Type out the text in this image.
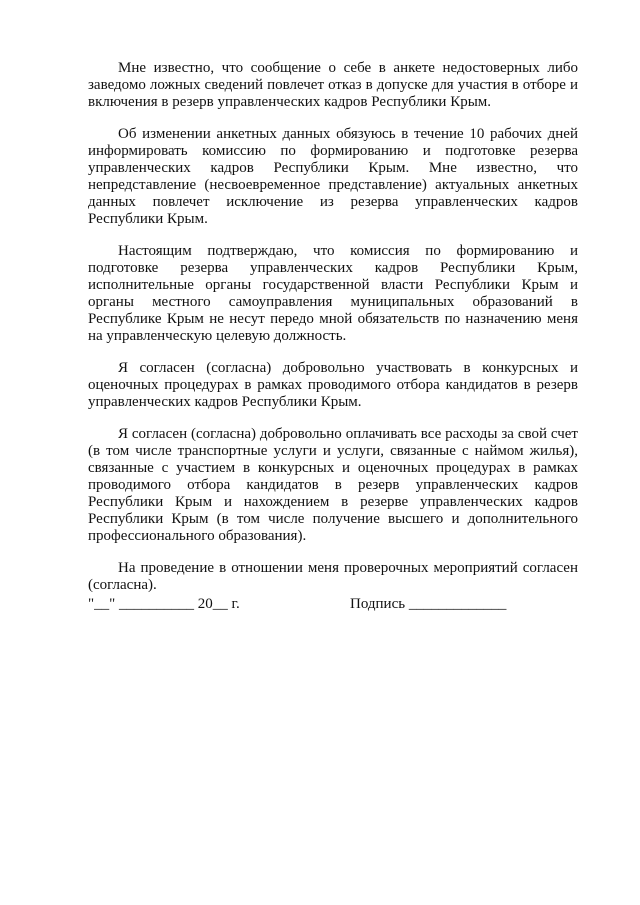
Мне известно, что сообщение о себе в анкете недостоверных либо заведомо ложных сведений повлечет отказ в допуске для участия в отборе и включения в резерв управленческих кадров Республики Крым.

Об изменении анкетных данных обязуюсь в течение 10 рабочих дней информировать комиссию по формированию и подготовке резерва управленческих кадров Республики Крым. Мне известно, что непредставление (несвоевременное представление) актуальных анкетных данных повлечет исключение из резерва управленческих кадров Республики Крым.

Настоящим подтверждаю, что комиссия по формированию и подготовке резерва управленческих кадров Республики Крым, исполнительные органы государственной власти Республики Крым и органы местного самоуправления муниципальных образований в Республике Крым не несут передо мной обязательств по назначению меня на управленческую целевую должность.

Я согласен (согласна) добровольно участвовать в конкурсных и оценочных процедурах в рамках проводимого отбора кандидатов в резерв управленческих кадров Республики Крым.

Я согласен (согласна) добровольно оплачивать все расходы за свой счет (в том числе транспортные услуги и услуги, связанные с наймом жилья), связанные с участием в конкурсных и оценочных процедурах в рамках проводимого отбора кандидатов в резерв управленческих кадров Республики Крым и нахождением в резерве управленческих кадров Республики Крым (в том числе получение высшего и дополнительного профессионального образования).

На проведение в отношении меня проверочных мероприятий согласен (согласна).

"__" __________ 20__ г.	Подпись _____________
